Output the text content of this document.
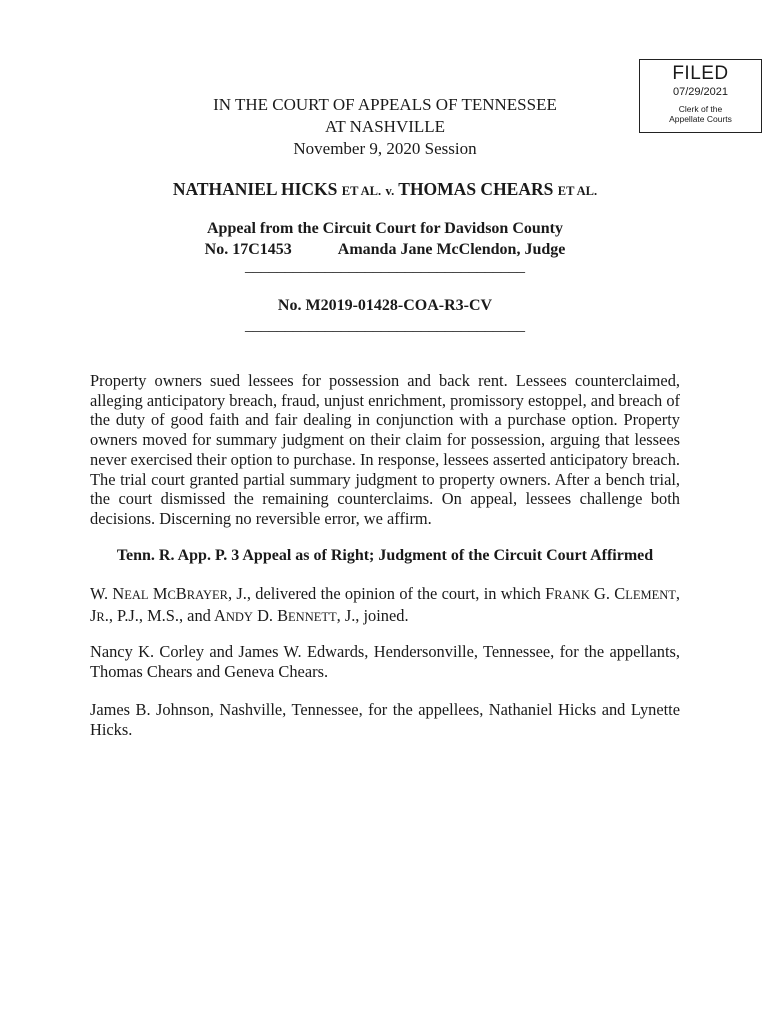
FILED
07/29/2021
Clerk of the
Appellate Courts
IN THE COURT OF APPEALS OF TENNESSEE
AT NASHVILLE
November 9, 2020 Session
NATHANIEL HICKS ET AL. v. THOMAS CHEARS ET AL.
Appeal from the Circuit Court for Davidson County
No. 17C1453	Amanda Jane McClendon, Judge
___________________________________
No. M2019-01428-COA-R3-CV
___________________________________
Property owners sued lessees for possession and back rent. Lessees counterclaimed, alleging anticipatory breach, fraud, unjust enrichment, promissory estoppel, and breach of the duty of good faith and fair dealing in conjunction with a purchase option. Property owners moved for summary judgment on their claim for possession, arguing that lessees never exercised their option to purchase. In response, lessees asserted anticipatory breach. The trial court granted partial summary judgment to property owners. After a bench trial, the court dismissed the remaining counterclaims. On appeal, lessees challenge both decisions. Discerning no reversible error, we affirm.
Tenn. R. App. P. 3 Appeal as of Right; Judgment of the Circuit Court Affirmed
W. NEAL MCBRAYER, J., delivered the opinion of the court, in which FRANK G. CLEMENT, JR., P.J., M.S., and ANDY D. BENNETT, J., joined.
Nancy K. Corley and James W. Edwards, Hendersonville, Tennessee, for the appellants, Thomas Chears and Geneva Chears.
James B. Johnson, Nashville, Tennessee, for the appellees, Nathaniel Hicks and Lynette Hicks.
